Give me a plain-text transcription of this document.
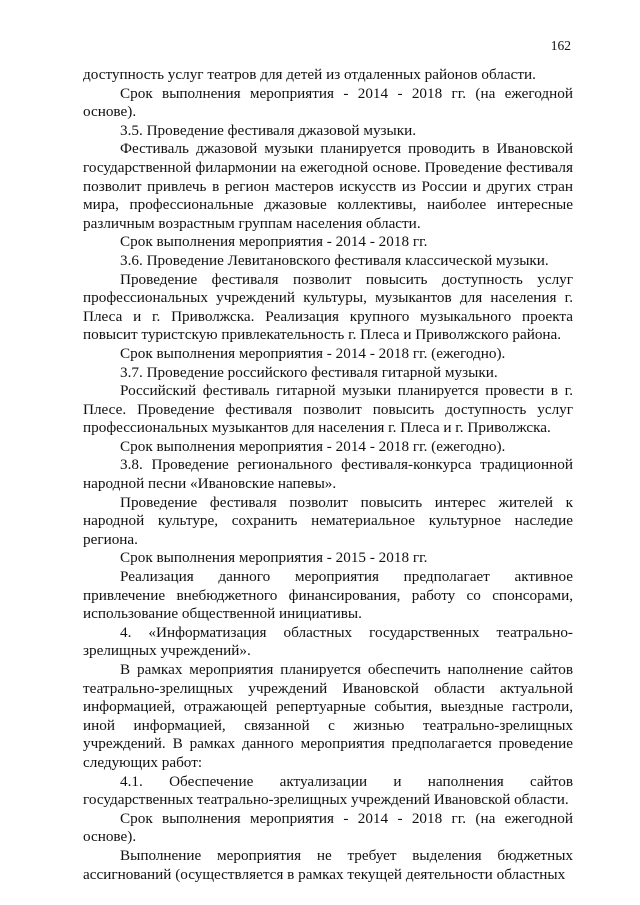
162

доступность услуг театров для детей из отдаленных районов области.

Срок выполнения мероприятия - 2014 - 2018 гг. (на ежегодной основе).

3.5. Проведение фестиваля джазовой музыки.

Фестиваль джазовой музыки планируется проводить в Ивановской государственной филармонии на ежегодной основе. Проведение фестиваля позволит привлечь в регион мастеров искусств из России и других стран мира, профессиональные джазовые коллективы, наиболее интересные различным возрастным группам населения области.

Срок выполнения мероприятия - 2014 - 2018 гг.

3.6. Проведение Левитановского фестиваля классической музыки.

Проведение фестиваля позволит повысить доступность услуг профессиональных учреждений культуры, музыкантов для населения г. Плеса и г. Приволжска. Реализация крупного музыкального проекта повысит туристскую привлекательность г. Плеса и Приволжского района.

Срок выполнения мероприятия - 2014 - 2018 гг. (ежегодно).

3.7. Проведение российского фестиваля гитарной музыки.

Российский фестиваль гитарной музыки планируется провести в г. Плесе. Проведение фестиваля позволит повысить доступность услуг профессиональных музыкантов для населения г. Плеса и г. Приволжска.

Срок выполнения мероприятия - 2014 - 2018 гг. (ежегодно).

3.8. Проведение регионального фестиваля-конкурса традиционной народной песни «Ивановские напевы».

Проведение фестиваля позволит повысить интерес жителей к народной культуре, сохранить нематериальное культурное наследие региона.

Срок выполнения мероприятия - 2015 - 2018 гг.

Реализация данного мероприятия предполагает активное привлечение внебюджетного финансирования, работу со спонсорами, использование общественной инициативы.

4. «Информатизация областных государственных театрально-зрелищных учреждений».

В рамках мероприятия планируется обеспечить наполнение сайтов театрально-зрелищных учреждений Ивановской области актуальной информацией, отражающей репертуарные события, выездные гастроли, иной информацией, связанной с жизнью театрально-зрелищных учреждений. В рамках данного мероприятия предполагается проведение следующих работ:

4.1. Обеспечение актуализации и наполнения сайтов государственных театрально-зрелищных учреждений Ивановской области.

Срок выполнения мероприятия - 2014 - 2018 гг. (на ежегодной основе).

Выполнение мероприятия не требует выделения бюджетных ассигнований (осуществляется в рамках текущей деятельности областных
